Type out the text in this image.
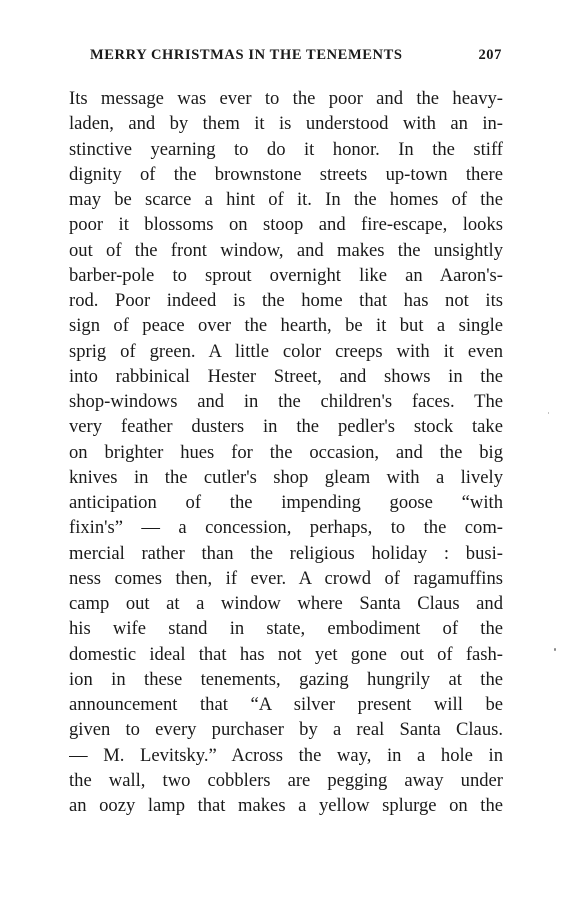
MERRY CHRISTMAS IN THE TENEMENTS	207
Its message was ever to the poor and the heavy-
laden, and by them it is understood with an in-
stinctive yearning to do it honor. In the stiff
dignity of the brownstone streets up-town there
may be scarce a hint of it. In the homes of the
poor it blossoms on stoop and fire-escape, looks
out of the front window, and makes the unsightly
barber-pole to sprout overnight like an Aaron's-
rod. Poor indeed is the home that has not its
sign of peace over the hearth, be it but a single
sprig of green. A little color creeps with it even
into rabbinical Hester Street, and shows in the
shop-windows and in the children's faces. The
very feather dusters in the pedler's stock take
on brighter hues for the occasion, and the big
knives in the cutler's shop gleam with a lively
anticipation of the impending goose “with
fixin's” — a concession, perhaps, to the com-
mercial rather than the religious holiday : busi-
ness comes then, if ever. A crowd of ragamuffins
camp out at a window where Santa Claus and
his wife stand in state, embodiment of the
domestic ideal that has not yet gone out of fash-
ion in these tenements, gazing hungrily at the
announcement that “A silver present will be
given to every purchaser by a real Santa Claus.
— M. Levitsky.” Across the way, in a hole in
the wall, two cobblers are pegging away under
an oozy lamp that makes a yellow splurge on the
